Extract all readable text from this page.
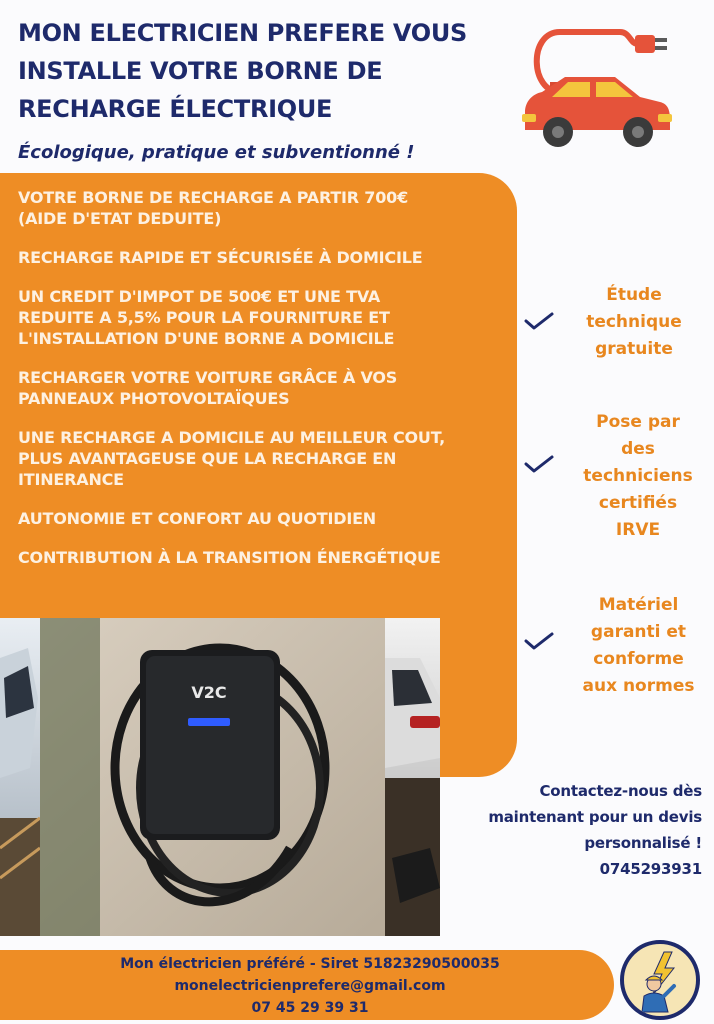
MON ELECTRICIEN PREFERE VOUS
INSTALLE VOTRE BORNE DE
RECHARGE ÉLECTRIQUE
Écologique, pratique et subventionné !
VOTRE BORNE DE RECHARGE A PARTIR 700€
(AIDE D'ETAT DEDUITE)
RECHARGE RAPIDE ET SÉCURISÉE À DOMICILE
UN CREDIT D'IMPOT DE 500€ ET UNE TVA
REDUITE A 5,5% POUR LA FOURNITURE ET
L'INSTALLATION D'UNE BORNE A DOMICILE
RECHARGER VOTRE VOITURE GRÂCE À VOS
PANNEAUX PHOTOVOLTAÏQUES
UNE RECHARGE A DOMICILE AU MEILLEUR COUT,
PLUS AVANTAGEUSE QUE LA RECHARGE EN
ITINERANCE
AUTONOMIE ET CONFORT AU QUOTIDIEN
CONTRIBUTION À LA TRANSITION ÉNERGÉTIQUE
V2C
Étude
technique
gratuite
Pose par
des
techniciens
certifiés
IRVE
Matériel
garanti et
conforme
aux normes
Contactez-nous dès
maintenant pour un devis
personnalisé !
0745293931
Mon électricien préféré - Siret 51823290500035
monelectricienprefere@gmail.com
07 45 29 39 31
